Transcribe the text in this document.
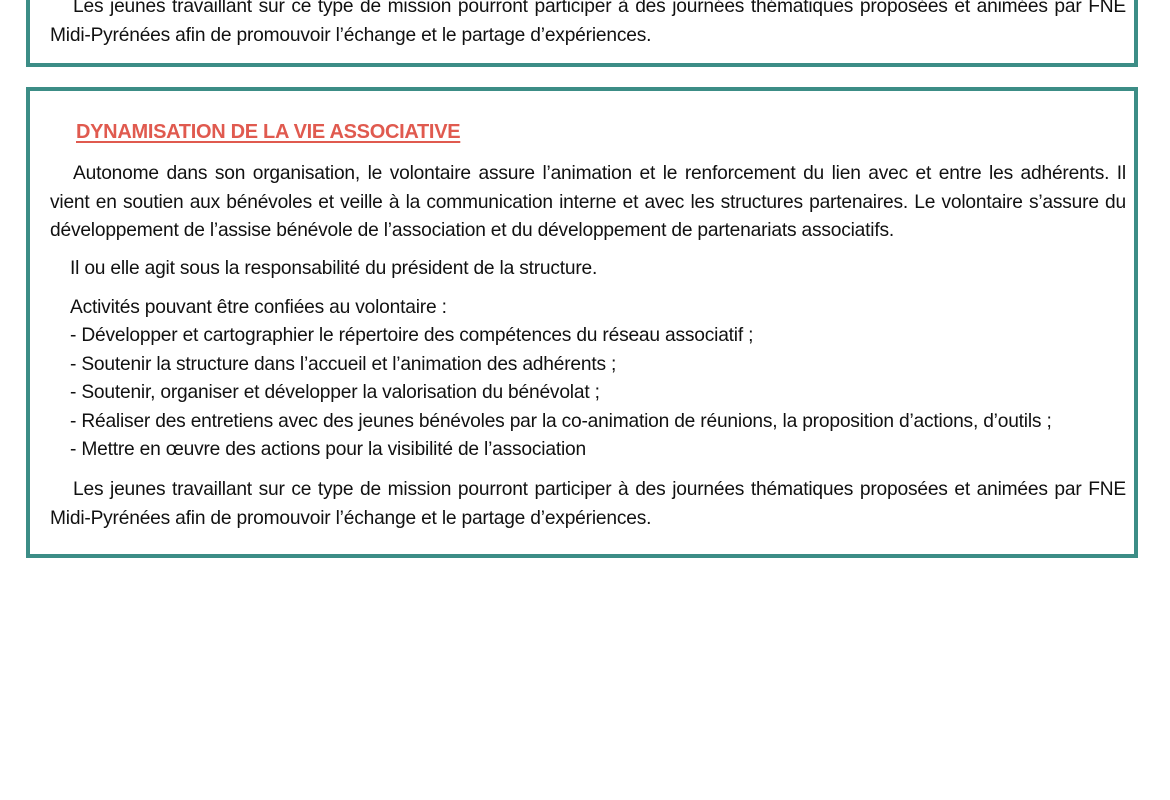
Les jeunes travaillant sur ce type de mission pourront participer à des journées thématiques proposées et animées par FNE
Midi-Pyrénées afin de promouvoir l’échange et le partage d’expériences.

DYNAMISATION DE LA VIE ASSOCIATIVE

Autonome dans son organisation, le volontaire assure l’animation et le renforcement du lien avec et entre les adhérents. Il
vient en soutien aux bénévoles et veille à la communication interne et avec les structures partenaires. Le volontaire s’assure du
développement de l’assise bénévole de l’association et du développement de partenariats associatifs.

Il ou elle agit sous la responsabilité du président de la structure.

Activités pouvant être confiées au volontaire :

- Développer et cartographier le répertoire des compétences du réseau associatif ;
- Soutenir la structure dans l’accueil et l’animation des adhérents ;
- Soutenir, organiser et développer la valorisation du bénévolat ;
- Réaliser des entretiens avec des jeunes bénévoles par la co-animation de réunions, la proposition d’actions, d’outils ;
- Mettre en œuvre des actions pour la visibilité de l’association

Les jeunes travaillant sur ce type de mission pourront participer à des journées thématiques proposées et animées par FNE
Midi-Pyrénées afin de promouvoir l’échange et le partage d’expériences.
